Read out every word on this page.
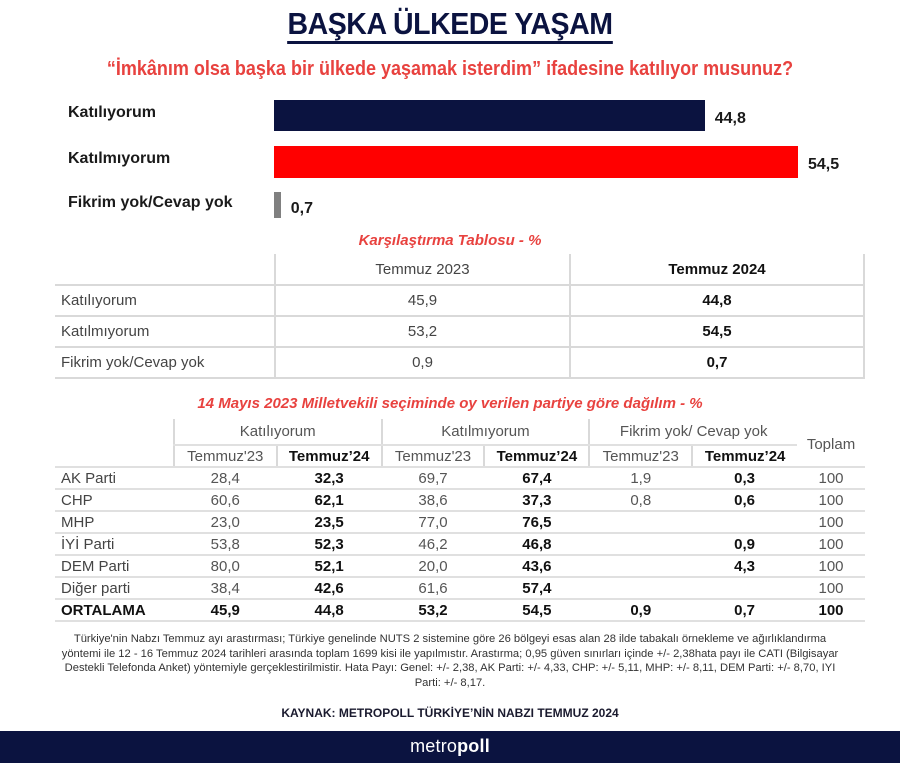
BAŞKA ÜLKEDE YAŞAM
“İmkânım olsa başka bir ülkede yaşamak isterdim” ifadesine katılıyor musunuz?
Katılıyorum	44,8
Katılmıyorum	54,5
Fikrim yok/Cevap yok	0,7
Karşılaştırma Tablosu - %
	Temmuz 2023	Temmuz 2024
Katılıyorum	45,9	44,8
Katılmıyorum	53,2	54,5
Fikrim yok/Cevap yok	0,9	0,7
14 Mayıs 2023 Milletvekili seçiminde oy verilen partiye göre dağılım - %
	Katılıyorum		Katılmıyorum		Fikrim yok/ Cevap yok		Toplam
	Temmuz'23	Temmuz’24	Temmuz'23	Temmuz’24	Temmuz'23	Temmuz’24	
AK Parti	28,4	32,3	69,7	67,4	1,9	0,3	100
CHP	60,6	62,1	38,6	37,3	0,8	0,6	100
MHP	23,0	23,5	77,0	76,5			100
İYİ Parti	53,8	52,3	46,2	46,8		0,9	100
DEM Parti	80,0	52,1	20,0	43,6		4,3	100
Diğer parti	38,4	42,6	61,6	57,4			100
ORTALAMA	45,9	44,8	53,2	54,5	0,9	0,7	100
Türkiye'nin Nabzı Temmuz ayı arastırması; Türkiye genelinde NUTS 2 sistemine göre 26 bölgeyi esas alan 28 ilde tabakalı örnekleme ve ağırlıklandırma yöntemi ile 12 - 16 Temmuz 2024 tarihleri arasında toplam 1699 kisi ile yapılmıstır. Arastırma; 0,95 güven sınırları içinde +/- 2,38hata payı ile CATI (Bilgisayar Destekli Telefonda Anket) yöntemiyle gerçeklestirilmistir. Hata Payı: Genel: +/- 2,38, AK Parti: +/- 4,33, CHP: +/- 5,11, MHP: +/- 8,11, DEM Parti: +/- 8,70, IYI Parti: +/- 8,17.
KAYNAK: METROPOLL TÜRKİYE’NİN NABZI TEMMUZ 2024
metropoll
